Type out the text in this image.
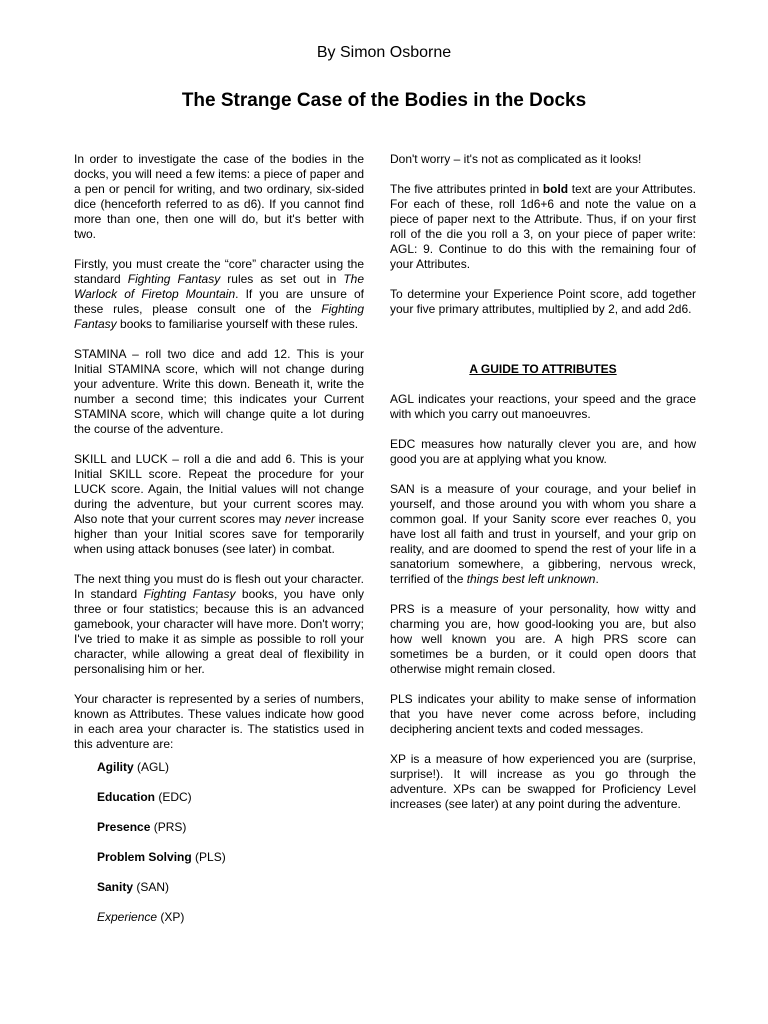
By Simon Osborne
The Strange Case of the Bodies in the Docks

In order to investigate the case of the bodies in the docks, you will need a few items: a piece of paper and a pen or pencil for writing, and two ordinary, six-sided dice (henceforth referred to as d6). If you cannot find more than one, then one will do, but it's better with two.

Firstly, you must create the “core” character using the standard Fighting Fantasy rules as set out in The Warlock of Firetop Mountain. If you are unsure of these rules, please consult one of the Fighting Fantasy books to familiarise yourself with these rules.

STAMINA – roll two dice and add 12. This is your Initial STAMINA score, which will not change during your adventure. Write this down. Beneath it, write the number a second time; this indicates your Current STAMINA score, which will change quite a lot during the course of the adventure.

SKILL and LUCK – roll a die and add 6. This is your Initial SKILL score. Repeat the procedure for your LUCK score. Again, the Initial values will not change during the adventure, but your current scores may. Also note that your current scores may never increase higher than your Initial scores save for temporarily when using attack bonuses (see later) in combat.

The next thing you must do is flesh out your character. In standard Fighting Fantasy books, you have only three or four statistics; because this is an advanced gamebook, your character will have more. Don't worry; I've tried to make it as simple as possible to roll your character, while allowing a great deal of flexibility in personalising him or her.

Your character is represented by a series of numbers, known as Attributes. These values indicate how good in each area your character is. The statistics used in this adventure are:

Agility (AGL)
Education (EDC)
Presence (PRS)
Problem Solving (PLS)
Sanity (SAN)
Experience (XP)

Don't worry – it's not as complicated as it looks!

The five attributes printed in bold text are your Attributes. For each of these, roll 1d6+6 and note the value on a piece of paper next to the Attribute. Thus, if on your first roll of the die you roll a 3, on your piece of paper write: AGL: 9. Continue to do this with the remaining four of your Attributes.

To determine your Experience Point score, add together your five primary attributes, multiplied by 2, and add 2d6.

A GUIDE TO ATTRIBUTES

AGL indicates your reactions, your speed and the grace with which you carry out manoeuvres.

EDC measures how naturally clever you are, and how good you are at applying what you know.

SAN is a measure of your courage, and your belief in yourself, and those around you with whom you share a common goal. If your Sanity score ever reaches 0, you have lost all faith and trust in yourself, and your grip on reality, and are doomed to spend the rest of your life in a sanatorium somewhere, a gibbering, nervous wreck, terrified of the things best left unknown.

PRS is a measure of your personality, how witty and charming you are, how good-looking you are, but also how well known you are. A high PRS score can sometimes be a burden, or it could open doors that otherwise might remain closed.

PLS indicates your ability to make sense of information that you have never come across before, including deciphering ancient texts and coded messages.

XP is a measure of how experienced you are (surprise, surprise!). It will increase as you go through the adventure. XPs can be swapped for Proficiency Level increases (see later) at any point during the adventure.
